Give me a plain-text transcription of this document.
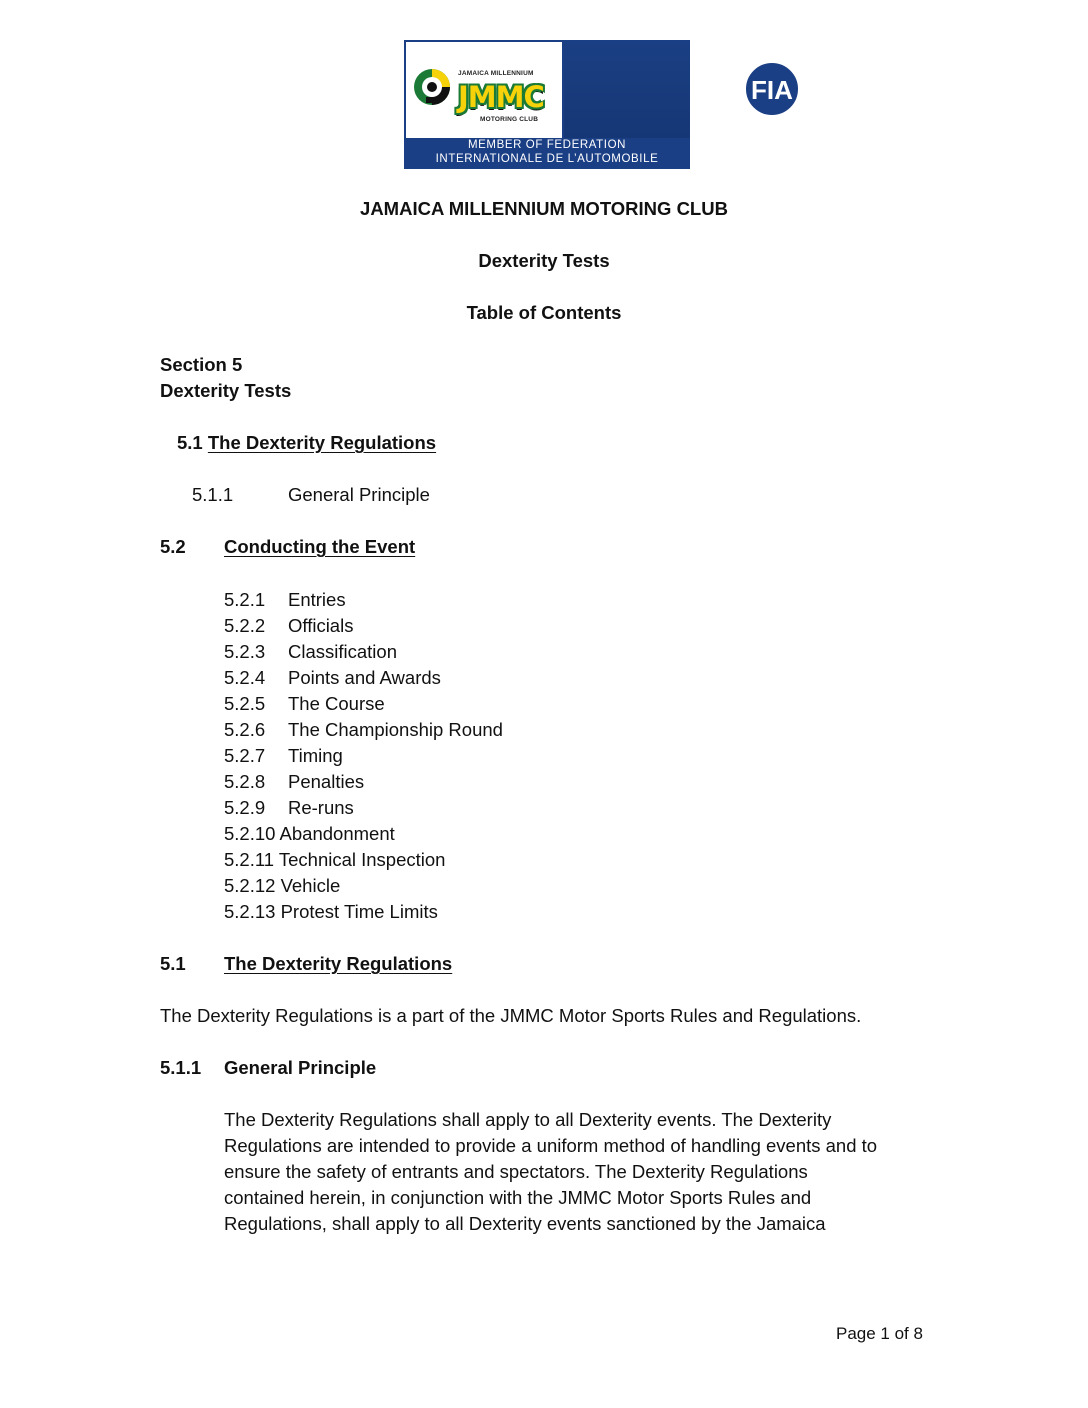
JAMAICA MILLENNIUM
JMMC
MOTORING CLUB
FIA
MEMBER OF FEDERATION
INTERNATIONALE DE L’AUTOMOBILE
JAMAICA MILLENNIUM MOTORING CLUB
Dexterity Tests
Table of Contents
Section 5
Dexterity Tests
5.1 The Dexterity Regulations
5.1.1	General Principle
5.2 Conducting the Event
5.2.1 Entries
5.2.2 Officials
5.2.3 Classification
5.2.4 Points and Awards
5.2.5 The Course
5.2.6 The Championship Round
5.2.7 Timing
5.2.8 Penalties
5.2.9 Re-runs
5.2.10 Abandonment
5.2.11 Technical Inspection
5.2.12 Vehicle
5.2.13 Protest Time Limits
5.1 The Dexterity Regulations
The Dexterity Regulations is a part of the JMMC Motor Sports Rules and Regulations.
5.1.1 General Principle
The Dexterity Regulations shall apply to all Dexterity events. The Dexterity
Regulations are intended to provide a uniform method of handling events and to
ensure the safety of entrants and spectators. The Dexterity Regulations
contained herein, in conjunction with the JMMC Motor Sports Rules and
Regulations, shall apply to all Dexterity events sanctioned by the Jamaica
Page 1 of 8
